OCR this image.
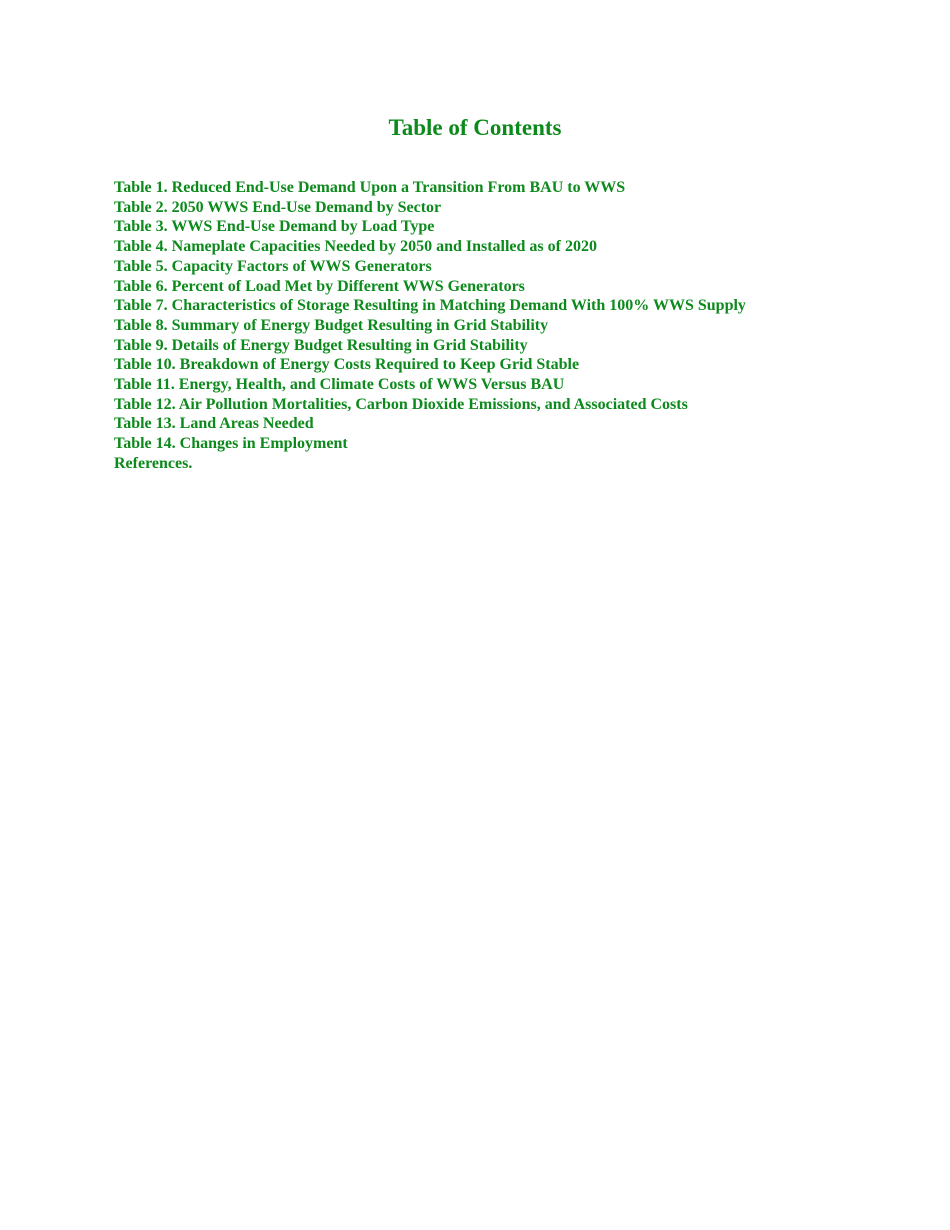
Table of Contents
Table 1. Reduced End-Use Demand Upon a Transition From BAU to WWS
Table 2. 2050 WWS End-Use Demand by Sector
Table 3. WWS End-Use Demand by Load Type
Table 4. Nameplate Capacities Needed by 2050 and Installed as of 2020
Table 5. Capacity Factors of WWS Generators
Table 6. Percent of Load Met by Different WWS Generators
Table 7. Characteristics of Storage Resulting in Matching Demand With 100% WWS Supply
Table 8. Summary of Energy Budget Resulting in Grid Stability
Table 9. Details of Energy Budget Resulting in Grid Stability
Table 10. Breakdown of Energy Costs Required to Keep Grid Stable
Table 11. Energy, Health, and Climate Costs of WWS Versus BAU
Table 12. Air Pollution Mortalities, Carbon Dioxide Emissions, and Associated Costs
Table 13. Land Areas Needed
Table 14. Changes in Employment
References.
